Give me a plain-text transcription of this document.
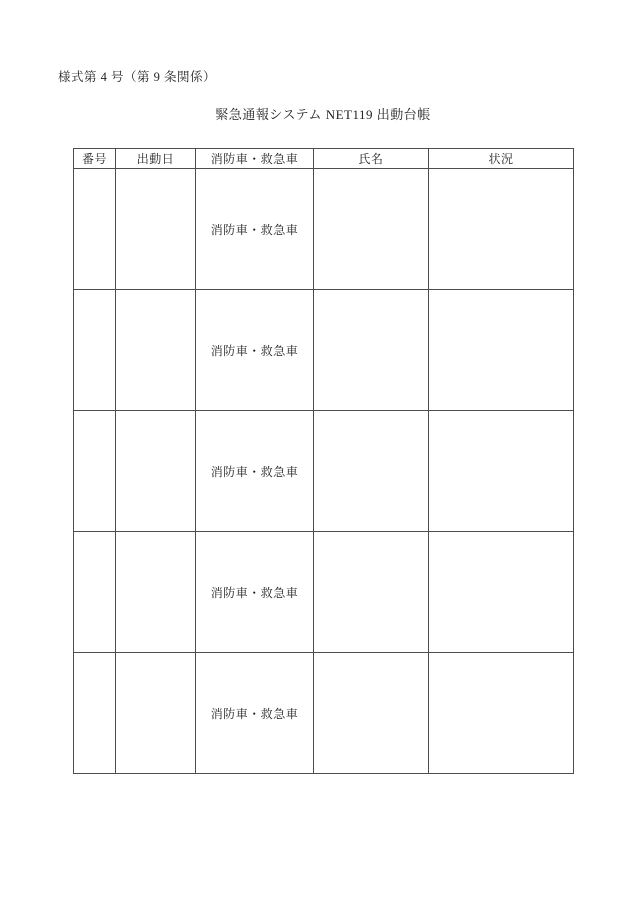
様式第 4 号（第 9 条関係）
緊急通報システム NET119 出動台帳
番号	出動日	消防車・救急車	氏名	状況
		消防車・救急車		
		消防車・救急車		
		消防車・救急車		
		消防車・救急車		
		消防車・救急車		
